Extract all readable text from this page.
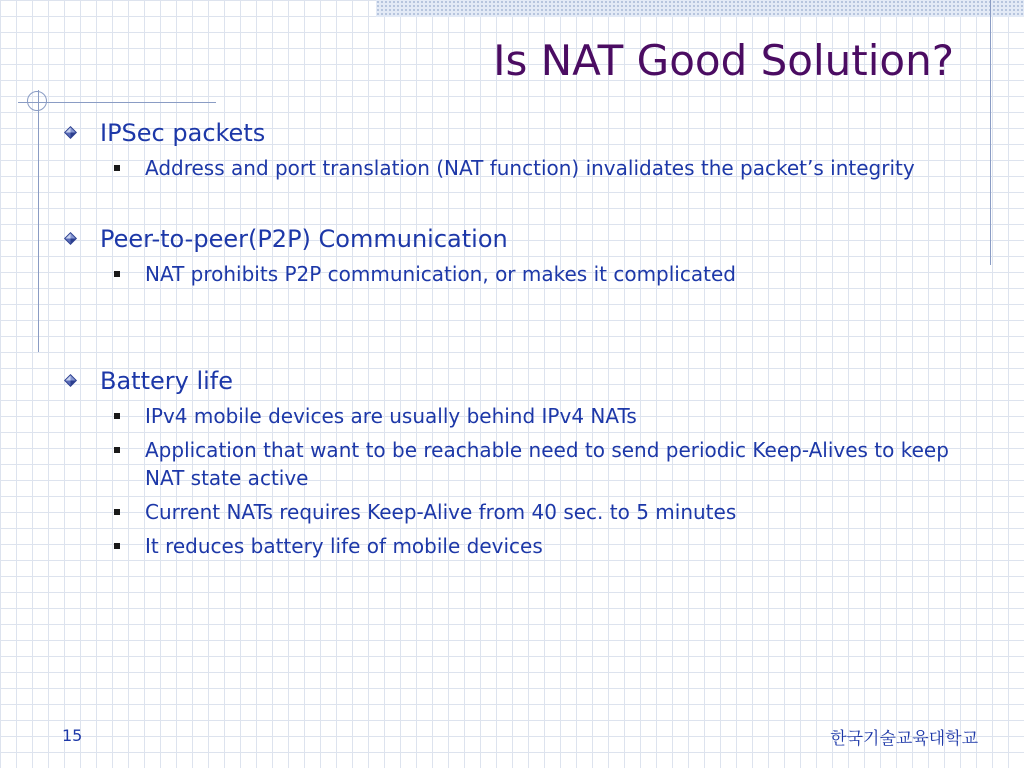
Is NAT Good Solution?
IPSec packets
Address and port translation (NAT function) invalidates the packet’s integrity
Peer-to-peer(P2P) Communication
NAT prohibits P2P communication, or makes it complicated
Battery life
IPv4 mobile devices are usually behind IPv4 NATs
Application that want to be reachable need to send periodic Keep-Alives to keep NAT state active
Current NATs requires Keep-Alive from 40 sec. to 5 minutes
It reduces battery life of mobile devices
15	한국기술교육대학교
